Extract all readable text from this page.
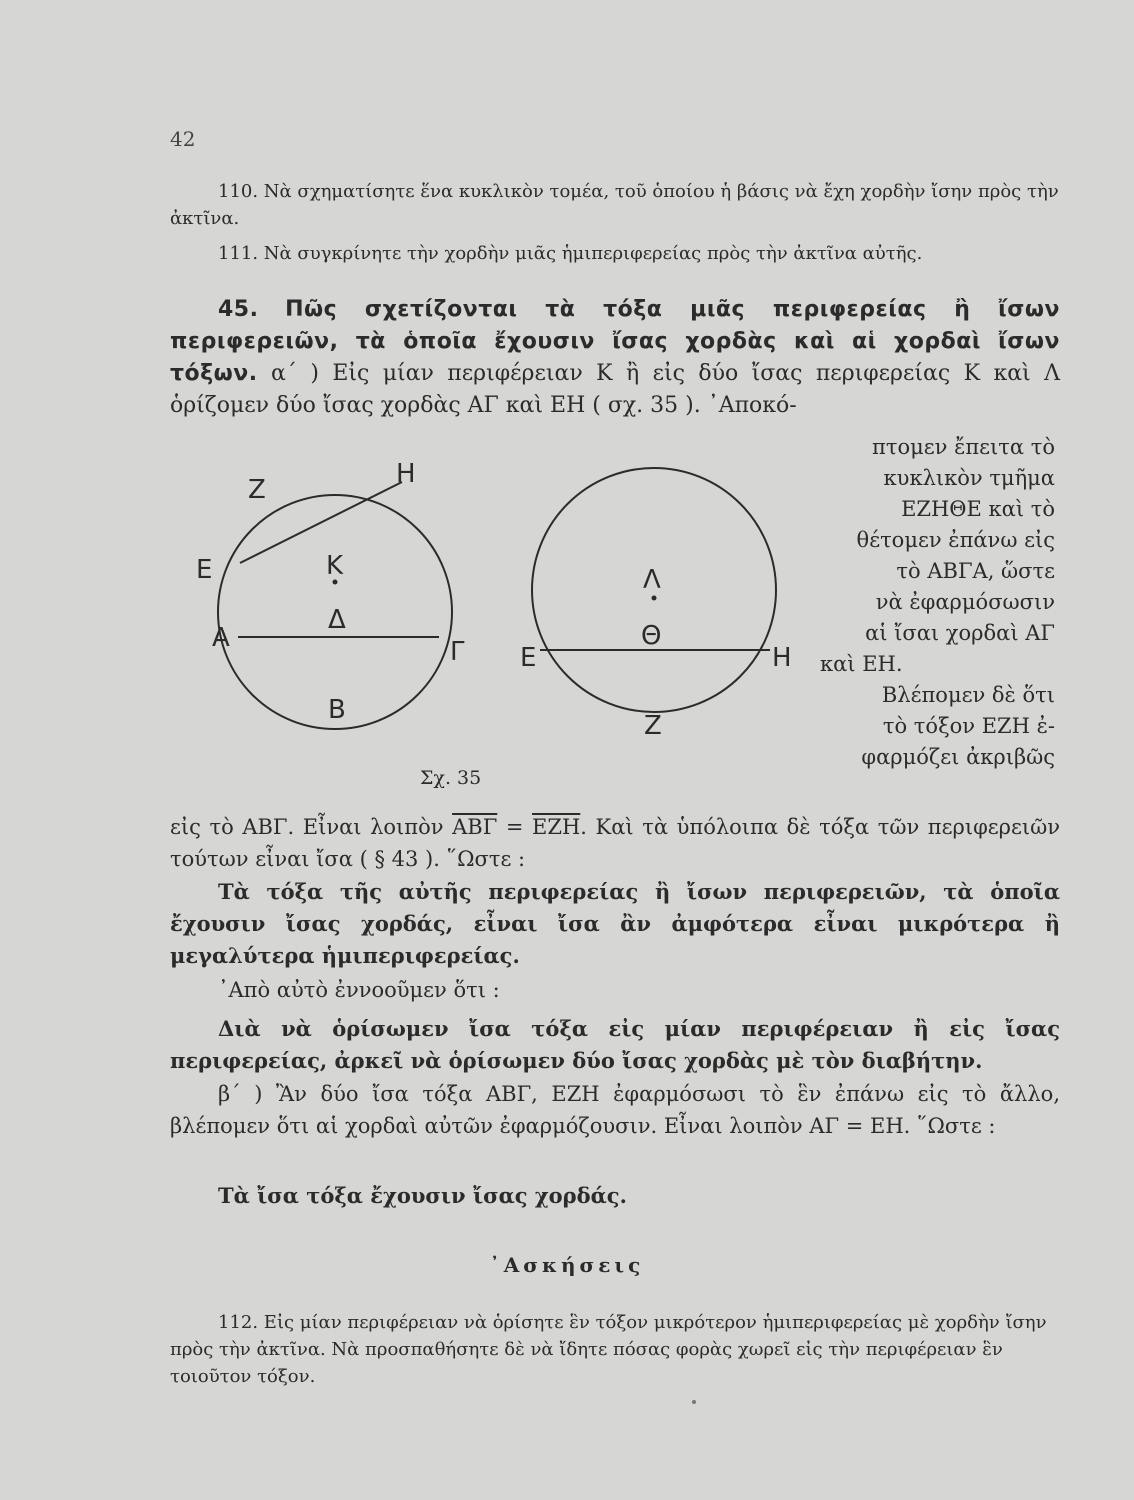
42
110. Νὰ σχηματίσητε ἕνα κυκλικὸν τομέα, τοῦ ὁποίου ἡ βάσις νὰ ἔχη χορδὴν ἴσην πρὸς τὴν ἀκτῖνα.
111. Νὰ συγκρίνητε τὴν χορδὴν μιᾶς ἡμιπεριφερείας πρὸς τὴν ἀκτῖνα αὐτῆς.
45. Πῶς σχετίζονται τὰ τόξα μιᾶς περιφερείας ἢ ἴσων περιφερειῶν, τὰ ὁποῖα ἔχουσιν ἴσας χορδὰς καὶ αἱ χορδαὶ ἴσων τόξων. α΄ ) Εἰς μίαν περιφέρειαν Κ ἢ εἰς δύο ἴσας περιφερείας Κ καὶ Λ ὁρίζομεν δύο ἴσας χορδὰς ΑΓ καὶ ΕΗ ( σχ. 35 ). ᾿Αποκό-
πτομεν ἔπειτα τὸ
κυκλικὸν τμῆμα
ΕΖΗΘΕ καὶ τὸ
θέτομεν ἐπάνω εἰς
τὸ ΑΒΓΑ, ὥστε
νὰ ἐφαρμόσωσιν
αἱ ἴσαι χορδαὶ ΑΓ
καὶ ΕΗ.
Βλέπομεν δὲ ὅτι
τὸ τόξον ΕΖΗ ἐ-
φαρμόζει ἀκριβῶς
Z
H
E	Κ
Δ
A	Γ
B
Λ
Θ
E	H
Z
Σχ. 35
εἰς τὸ ΑΒΓ. Εἶναι λοιπὸν $\overline{AB\Gamma} = \overline{EZH}$. Καὶ τὰ ὑπόλοιπα δὲ τόξα τῶν περιφερειῶν τούτων εἶναι ἴσα ( § 43 ). ῞Ωστε :
Τὰ τόξα τῆς αὐτῆς περιφερείας ἢ ἴσων περιφερειῶν, τὰ ὁποῖα ἔχουσιν ἴσας χορδάς, εἶναι ἴσα ἂν ἀμφότερα εἶναι μικρότερα ἢ μεγαλύτερα ἡμιπεριφερείας.
᾿Απὸ αὐτὸ ἐννοοῦμεν ὅτι :
Διὰ νὰ ὁρίσωμεν ἴσα τόξα εἰς μίαν περιφέρειαν ἢ εἰς ἴσας περιφερείας, ἀρκεῖ νὰ ὁρίσωμεν δύο ἴσας χορδὰς μὲ τὸν διαβήτην.
β΄ ) Ἂν δύο ἴσα τόξα ΑΒΓ, ΕΖΗ ἐφαρμόσωσι τὸ ἓν ἐπάνω εἰς τὸ ἄλλο, βλέπομεν ὅτι αἱ χορδαὶ αὐτῶν ἐφαρμόζουσιν. Εἶναι λοιπὸν ΑΓ = ΕΗ. ῞Ωστε :
Τὰ ἴσα τόξα ἔχουσιν ἴσας χορδάς.
᾿Ασκήσεις
112. Εἰς μίαν περιφέρειαν νὰ ὁρίσητε ἓν τόξον μικρότερον ἡμιπεριφερείας μὲ χορδὴν ἴσην πρὸς τὴν ἀκτῖνα. Νὰ προσπαθήσητε δὲ νὰ ἴδητε πόσας φορὰς χωρεῖ εἰς τὴν περιφέρειαν ἓν τοιοῦτον τόξον.
